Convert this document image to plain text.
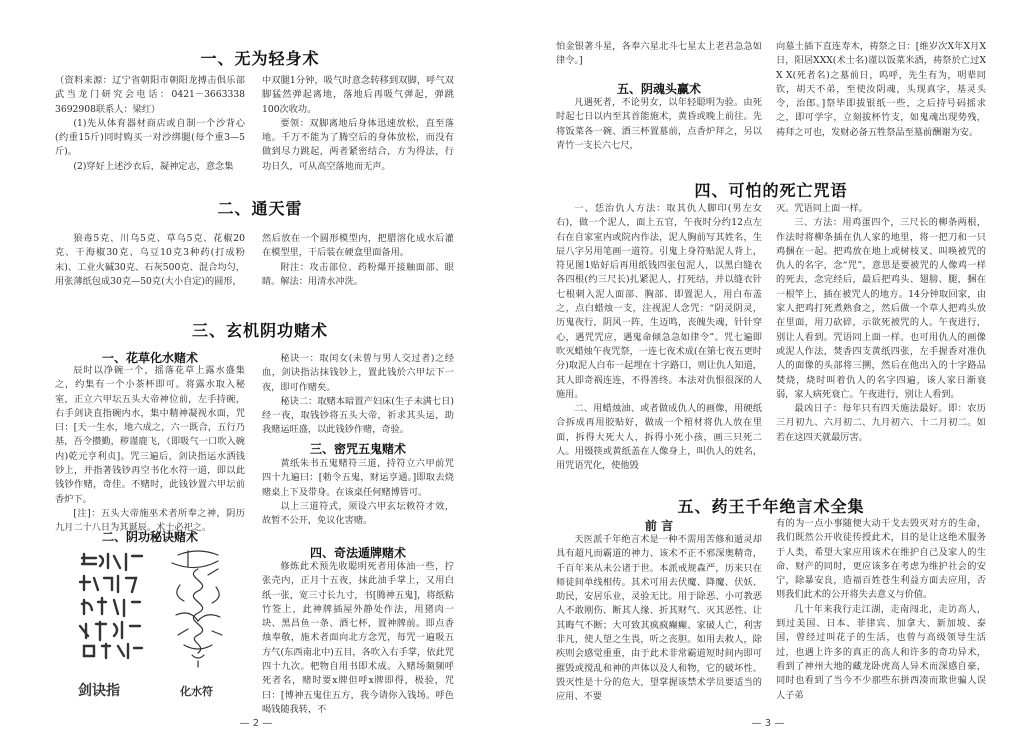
一、无为轻身术

（资料来源：辽宁省朝阳市朝阳龙搏击俱乐部武当龙门研究会电话：0421－3663338 3692908联系人：梁红）

(1)先从体育器材商店或自制一个沙背心(约重15斤)同时购买一对沙绑腿(每个重3—5斤)。

(2)穿好上述沙衣后，凝神定志，意念集

中双腿1分钟，吸气时意念转移到双脚，呼气双脚猛然弹起离地，落地后再吸气弹起，弹跳100次收功。

要领：双脚离地后身体迅速放松，直至落地。千万不能为了腾空后的身体放松，而没有做到尽力跳起，两者紧密结合，方为得法，行功日久，可从高空落地而无声。

二、通天雷

狼毒5克、川乌5克、草乌5克、花椒20克、干海椒30克、乌豆10克3种药(打成粉末)、工业火碱30克、石灰500克、混合均匀，用张薄纸包成30克—50克(大小自定)的圆形，

然后放在一个圆形模型内，把腊溶化成水后灌在模型里，干后装在硬盒里面备用。

附注：攻击部位、药粉爆开接触面部、眼睛。解法：用清水冲洗。

三、玄机阴功赌术
一、花草化水赌术

辰时以净碗一个，摇落花草上露水盛集之，约集有一个小茶杯即可。将露水取入秘室，正立六甲坛五头大帝神位前，左手持碗，右手剑诀直指碗内水，集中精神凝视水面，咒曰：[天一生水，地六成之，六一既合，五行乃基，吾令攒勤，秽谨鹿飞，（即吸气一口吹入碗内)乾元亨利贞]。咒三遍后，剑诀指运水洒钱钞上，并指著钱钞再空书化水符一道，即以此钱钞作赌，奇佳。不赌时，此钱钞置六甲坛前香炉下。

[注]：五头大帝施巫术者所奉之神，阴历九月二十八日为其诞辰。术士必祀之。

二、阴功秘诀赌术
剑诀指	化水符

秘诀一：取闰女(未曾与男人交过者)之经血，剑诀指沾抹钱钞上，置此钱於六甲坛下一夜，即可作赌矣。

秘诀二：取赌本暗置产妇床(生子未满七日)经一夜，取钱钞将五头大帝，祈求其头运，助我赌运旺盛，以此钱钞作赌，奇验。

三、密咒五鬼赌术

黄纸朱书五鬼赌符三道，持符立六甲前咒四十九遍曰：[勅令五鬼，财运亨通。]即取去烧赌桌上下及带身。在该桌任何赌博皆可。

以上三道符式，须设六甲玄坛敕符才效，故暂不公开，免议化害赌。

四、奇法遁牌赌术

修炼此术预先收聪明死者用体油一些，拧张壳内，正月十五夜，抹此油手掌上，又用白纸一张，宽三寸长九寸，书[腾神五鬼]，将纸粘竹签上，此神牌插屋外静处作法，用猪肉一块、黑昌鱼一条、酒七杯，置神牌前。即点香烛奉敬，施术者面向北方念咒，每咒一遍吸五方气(东西南北中)五目，各吹入右手掌，依此咒四十九次。杷物自用书即术成。入赌场频频呼死者名，赌时要x牌但呼x牌即得，极验，咒曰：[博神五鬼住五方，我今请你入钱场。呼色喝钱随我转，不

— 2 —

怕金银著斗星，各奉六星北斗七星太上老君急急如律令。]

五、阴魂头赢术

凡遇死者，不论男女，以年轻聪明为验。由死时起七日以内至其首能施术，黄昏或晚上前往。先将饭菜各一碗、酒三杯置墓前，点香炉拜之，另以青竹一支长六七尺，

向墓土插下直连寿木，祷祭之日：[维岁次X年X月X日，阳居XXX(术士名)谨以饭菜米酒，祷祭於亡过X X X(死者名)之墓前日，呜呼，先生有为，明辈同钦，胡天不弟，至使汝阴魂，头现真字，基灵头令，治郎。]祭毕即拔银纸一些，之后持号码摇求之，即可学字，立刻拔杯竹支，如鬼魂出现势残，祷拜之可也，发财必备五牲祭品至墓前酬谢为安。

四、可怕的死亡咒语

一、恁治仇人方法：取其仇人脚印(男左女右)，做一个泥人，面上五官，午夜时分约12点左右在自家室内或院内作法，泥人胸前写其姓名，生辰八字另用笔画一道符。引鬼上身符贴泥人背上，符见图1贴好后再用纸钱四张包泥人，以黑白缝衣各四根(约三尺长)扎紧泥人，打死结，并以缝衣针七根刺入泥人面部、胸部、即置泥人，用白布盖之，点白蜡烛一支，注视泥人念咒：“阴灵阴灵，历鬼夜行，阴风一阵，生迈鸣，丧魄失魂，针针穿心，遇咒咒应，遇鬼命倾急急如律令”。咒七遍即吹灭蜡烛午夜咒祭，一连七夜术成(在第七夜五更时分)取泥人白布一起埋在十字路口，则让仇人知道，其人即奇祸连连，不得善终。本法对仇恨很深的人施用。

二、用蜡烛油、或者做成仇人的画像，用硬纸合拆成再用胶贴好，做成一个棺材将仇人放在里面，拆得大死大人，拆得小死小孩，画三只死二人。用镊筷或黄纸盖在人像身上，叫仇人的姓名，用咒语咒化，使他毁

灭。咒语同上面一样。

三、方法：用鸡蛋四个，三尺长的柳条两根，作法时将柳条插在仇人家的地里，将一把刀和一只鸡捆在一起。把鸡放在地上或树枝叉、叫唤被咒的仇人的名字，念“咒”，意思是要被咒的人像鸡一样的死去，念完经后，最后把鸡头、翅膀、腿，捆在一根竿上，插在被咒人的地方。14分钟取回家，由家人把鸡打死煮熟食之，然后做一个草人把鸡头放在里面，用刀砍碎，示欲死被咒的人。午夜进行，别让人看到。咒语同上面一样。也可用仇人的画像或泥人作法，焚香四支黄纸四张，左手握香对准仇人的面像的头部将三搠，然后在他出入的十字路品焚烧，烧时叫着仇人的名字四遍，该人家日渐衰弱，家人病死衰亡。午夜进行，别让人看到。

最凶日子：每年只有四天施法最好。即：农历三月初九、六月初二、九月初六、十二月初二。如若在这四天就最厉害。

五、药王千年绝言术全集
前 言

天医派千年绝言术是一种不需用苦修和遁灵却具有超凡而霸道的神力、该术不正不邪深奥精奇，千百年来从未公诸于世。本派戒规森严，历来只在师徒间单线相传。其术可用去伏魔、降魔、伏妖、助民，安居乐业，灵验无比。用于除恶、小可教恶人不敢刚伤、断其人缘、折其财气、灭其恶性、让其晦气不断；大可致其疯疯癫癫、家破人亡，利害非凡，使人望之生畏，听之丧胆。如用去救人，除疾则会感觉重重，由于此术非常霸道短时间内即可摧毁或搅乱和神的声体以及人和物，它的破坏性、毁灭性是十分的危大，望掌握该禁术学员要适当的应用、不要

有的为一点小事随便大动干戈去毁灭对方的生命，我们既然公开收徒传授此术，目的是让这绝术服务于人类，希望大家应用该术在维护自己及家人的生命、财产的同时，更应该多在考虑为维护社会的安宁，除暴安良，造福百姓苍生利益方面去应用，否则我们此术的公开将失去意义与价值。

几十年来我行走江湖，走南闯北，走访高人，到过美国、日本、菲律宾、加拿大、新加坡、泰国，曾经过叫花子的生活，也曾与高级领导生活过，也遇上许多的真正的高人和许多的奇功异术，看到了神州大地的藏龙卧虎高人异术而深感自豪，同时也看到了当今不少那些东拼西凑而欺世骗人误人子弟

— 3 —
